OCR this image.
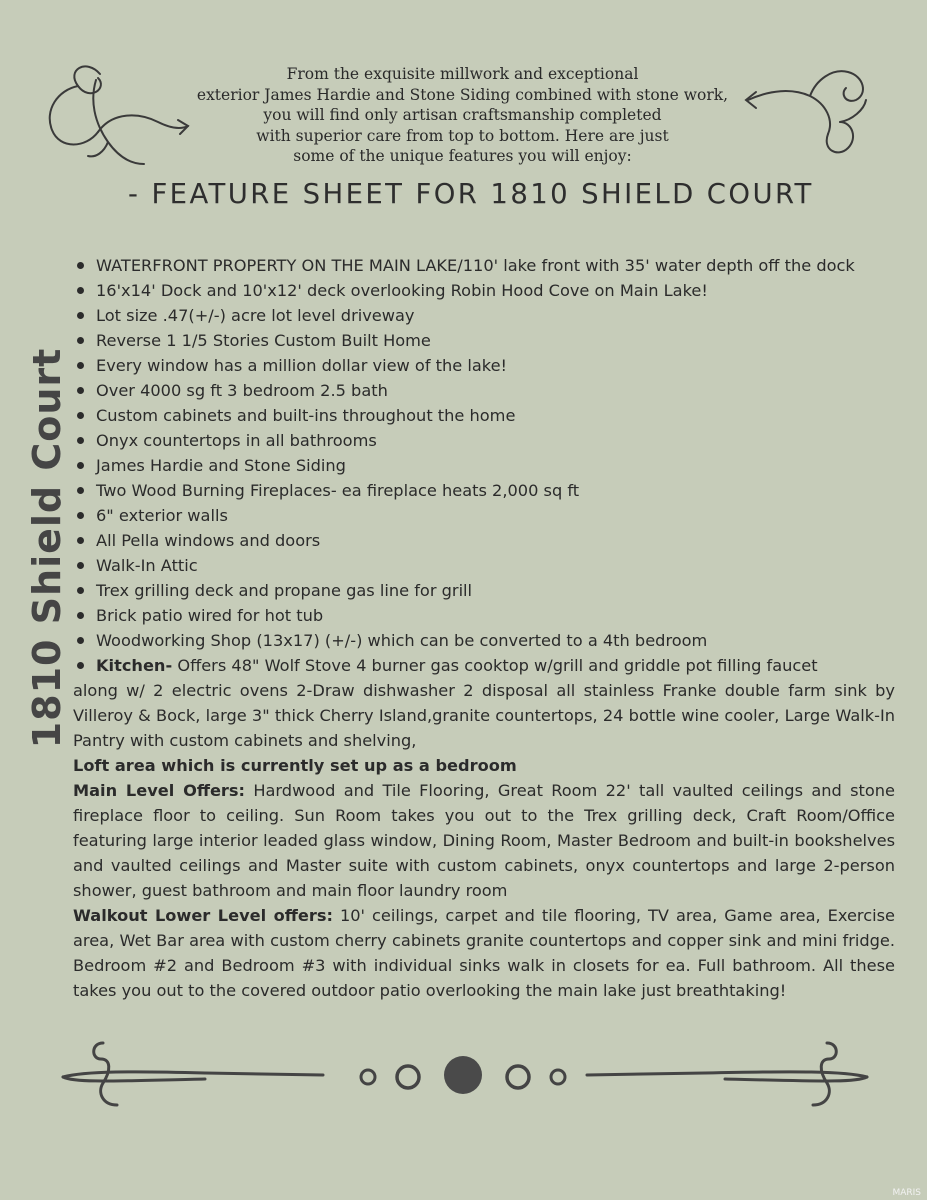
From the exquisite millwork and exceptional
exterior James Hardie and Stone Siding combined with stone work,
you will find only artisan craftsmanship completed
with superior care from top to bottom. Here are just
some of the unique features you will enjoy:
- FEATURE SHEET FOR 1810 SHIELD COURT
1810 Shield Court
WATERFRONT PROPERTY ON THE MAIN LAKE/110' lake front with 35' water depth off the dock
16'x14' Dock and 10'x12' deck overlooking Robin Hood Cove on Main Lake!
Lot size .47(+/-) acre lot level driveway
Reverse 1 1/5 Stories Custom Built Home
Every window has a million dollar view of the lake!
Over 4000 sg ft 3 bedroom 2.5 bath
Custom cabinets and built-ins throughout the home
Onyx countertops in all bathrooms
James Hardie and Stone Siding
Two Wood Burning Fireplaces- ea fireplace heats 2,000 sq ft
6" exterior walls
All Pella windows and doors
Walk-In Attic
Trex grilling deck and propane gas line for grill
Brick patio wired for hot tub
Woodworking Shop (13x17) (+/-) which can be converted to a 4th bedroom
Kitchen- Offers 48" Wolf Stove 4 burner gas cooktop w/grill and griddle pot filling faucet
along w/ 2 electric ovens 2-Draw dishwasher 2 disposal all stainless Franke double farm sink by Villeroy & Bock, large 3" thick Cherry Island,granite countertops, 24 bottle wine cooler, Large Walk-In Pantry with custom cabinets and shelving,
Loft area which is currently set up as a bedroom
Main Level Offers: Hardwood and Tile Flooring, Great Room 22' tall vaulted ceilings and stone fireplace floor to ceiling. Sun Room takes you out to the Trex grilling deck, Craft Room/Office featuring large interior leaded glass window, Dining Room, Master Bedroom and built-in bookshelves and vaulted ceilings and Master suite with custom cabinets, onyx countertops and large 2-person shower, guest bathroom and main floor laundry room
Walkout Lower Level offers: 10' ceilings, carpet and tile flooring, TV area, Game area, Exercise area, Wet Bar area with custom cherry cabinets granite countertops and copper sink and mini fridge. Bedroom #2 and Bedroom #3 with individual sinks walk in closets for ea. Full bathroom. All these takes you out to the covered outdoor patio overlooking the main lake just breathtaking!
MARIS
